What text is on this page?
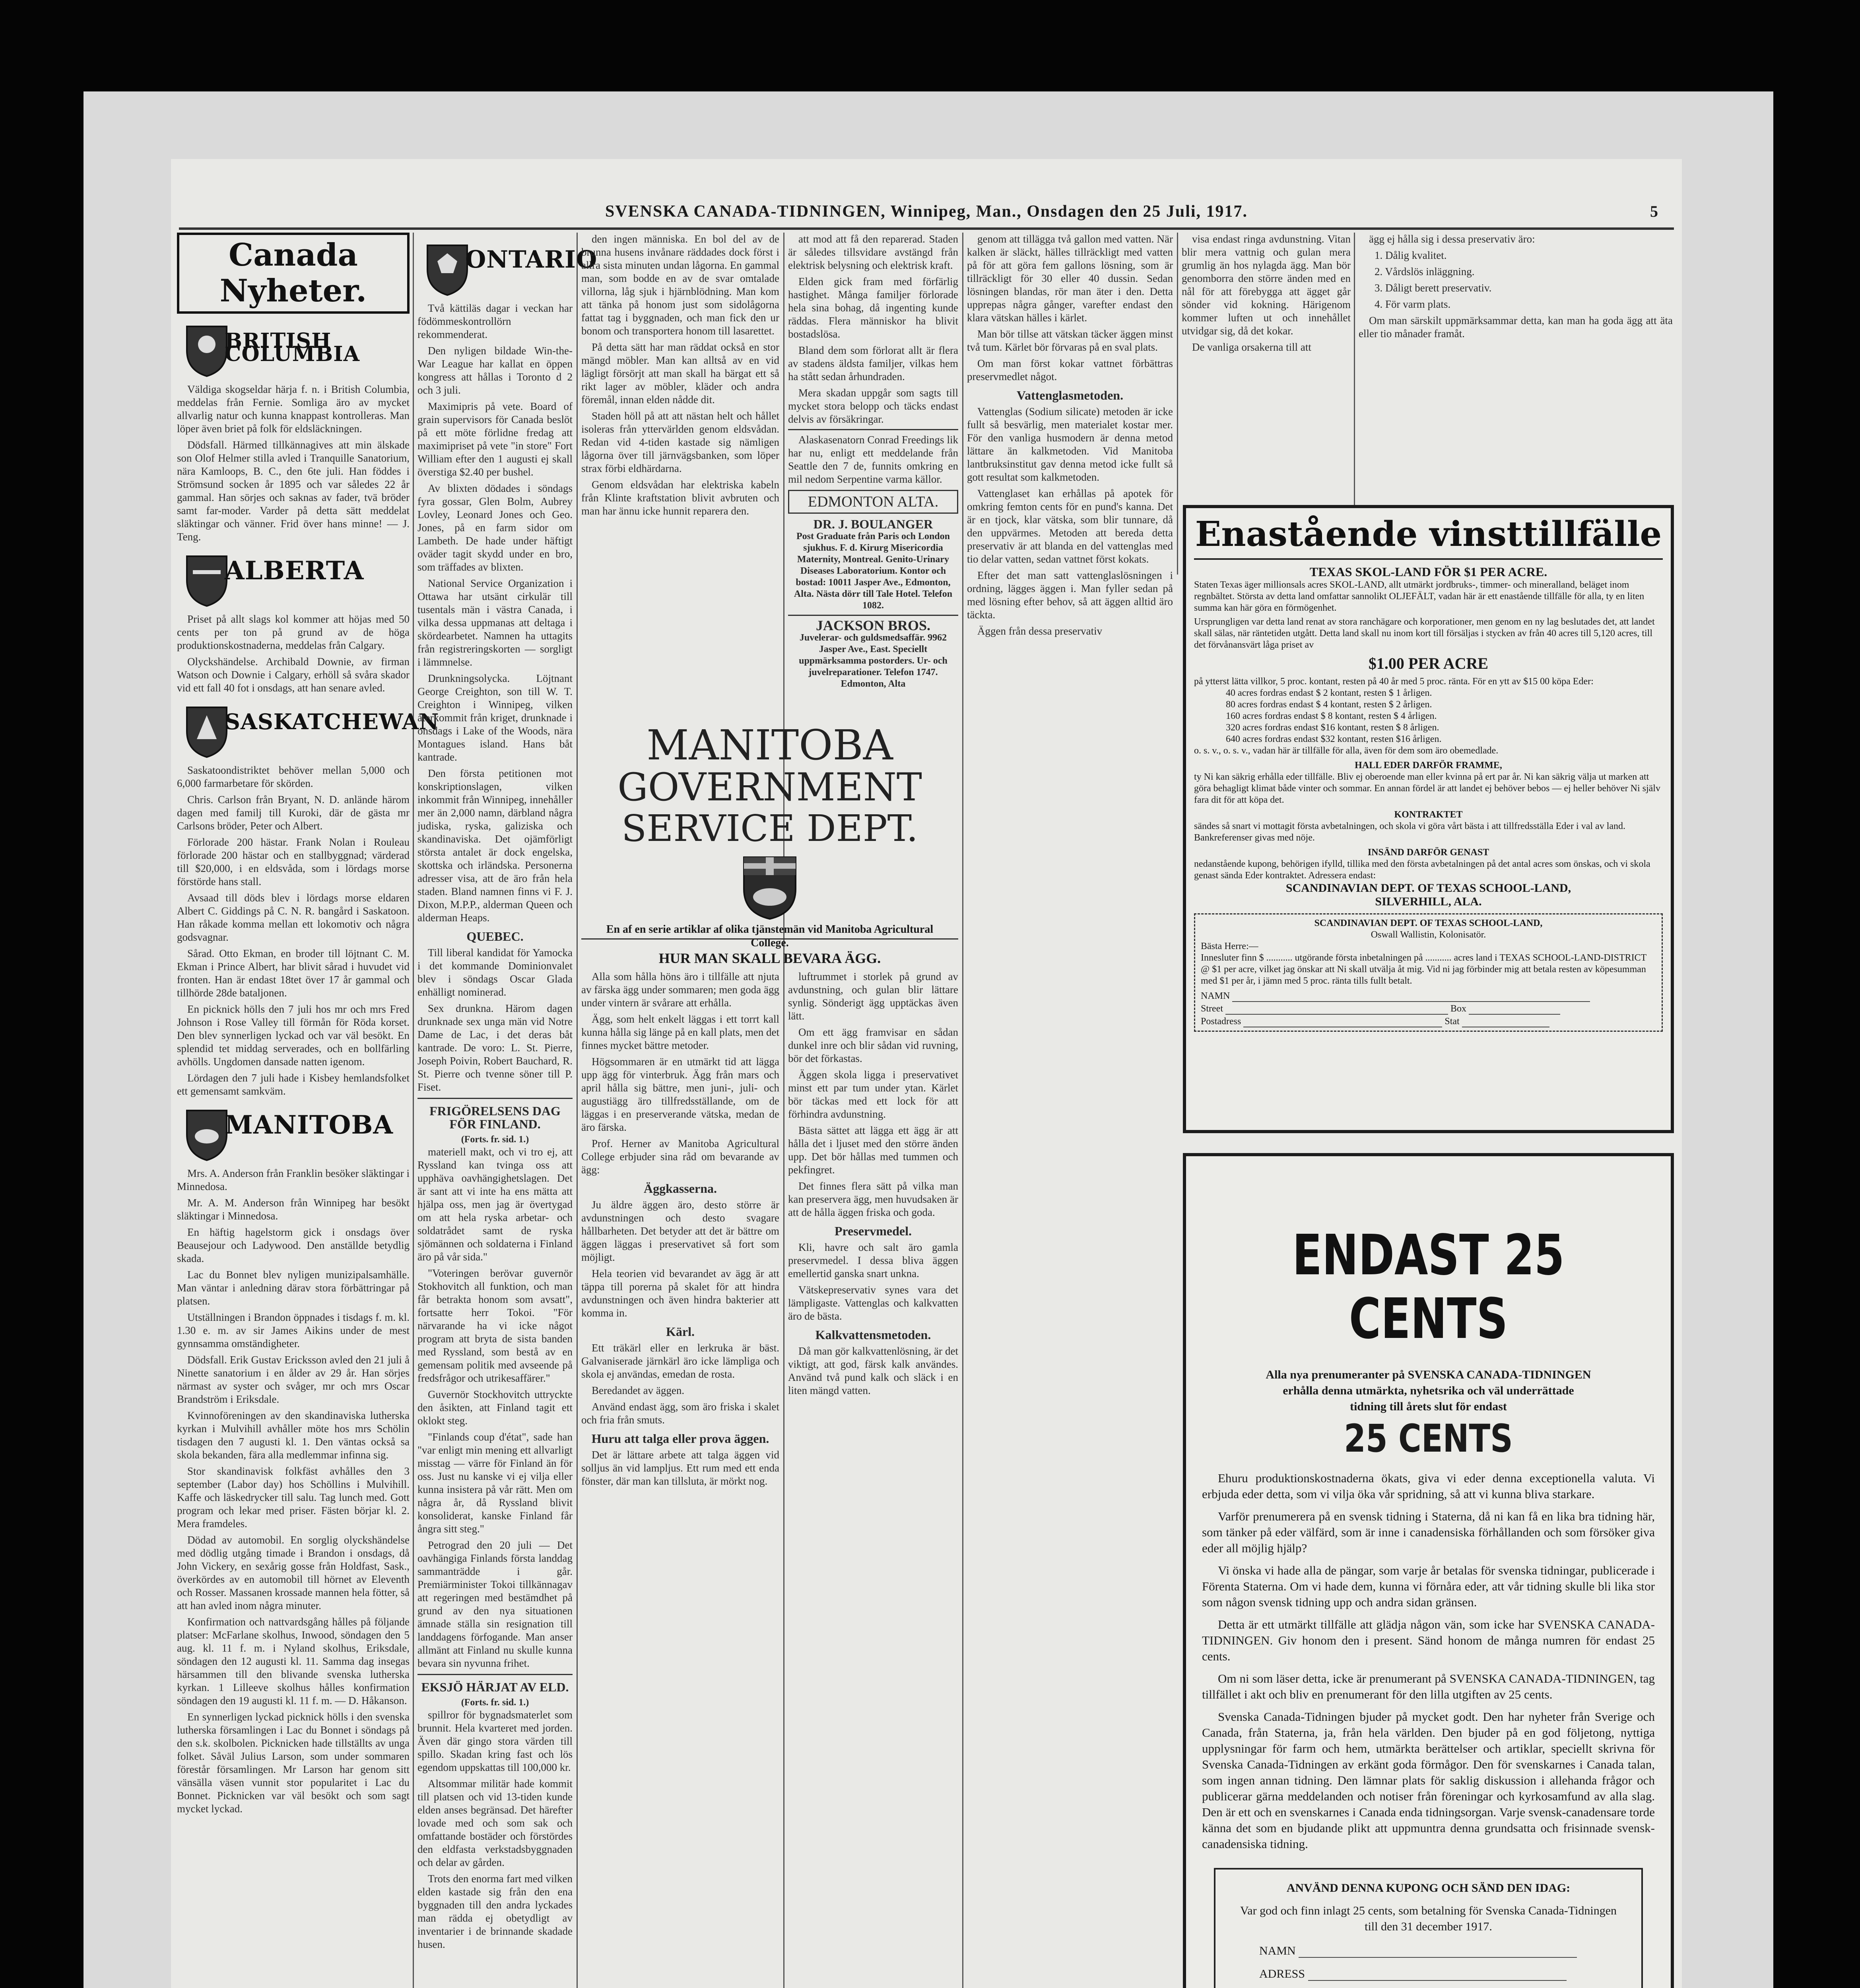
SVENSKA CANADA-TIDNINGEN, Winnipeg, Man., Onsdagen den 25 Juli, 1917.	5
Canada Nyheter.
BRITISH COLUMBIA

Väldiga skogseldar härja f. n. i British Columbia, meddelas från Fernie. Somliga äro av mycket allvarlig natur och kunna knappast kontrolleras. Man löper även briet på folk för eldsläckningen.

Dödsfall. Härmed tillkännagives att min älskade son Olof Helmer stilla avled i Tranquille Sanatorium, nära Kamloops, B. C., den 6te juli. Han föddes i Strömsund socken år 1895 och var således 22 år gammal. Han sörjes och saknas av fader, tvä bröder samt far-moder. Varder på detta sätt meddelat släktingar och vänner. Frid över hans minne! — J. Teng.

ALBERTA

Priset på allt slags kol kommer att höjas med 50 cents per ton på grund av de höga produktionskostnaderna, meddelas från Calgary.

Olyckshändelse. Archibald Downie, av firman Watson och Downie i Calgary, erhöll så svåra skador vid ett fall 40 fot i onsdags, att han senare avled.

SASKATCHEWAN

Saskatoondistriktet behöver mellan 5,000 och 6,000 farmarbetare för skörden.

Chris. Carlson från Bryant, N. D. anlände härom dagen med familj till Kuroki, där de gästa mr Carlsons bröder, Peter och Albert.

Förlorade 200 hästar. Frank Nolan i Rouleau förlorade 200 hästar och en stallbyggnad; värderad till $20,000, i en eldsvåda, som i lördags morse förstörde hans stall.

Avsaad till döds blev i lördags morse eldaren Albert C. Giddings på C. N. R. bangård i Saskatoon. Han råkade komma mellan ett lokomotiv och några godsvagnar.

Sårad. Otto Ekman, en broder till löjtnant C. M. Ekman i Prince Albert, har blivit sårad i huvudet vid fronten. Han är endast 18tet över 17 år gammal och tillhörde 28de bataljonen.

En picknick hölls den 7 juli hos mr och mrs Fred Johnson i Rose Valley till förmån för Röda korset. Den blev synnerligen lyckad och var väl besökt. En splendid tet middag serverades, och en bollfärling avhölls. Ungdomen dansade natten igenom.

Lördagen den 7 juli hade i Kisbey hemlandsfolket ett gemensamt samkväm.

MANITOBA

Mrs. A. Anderson från Franklin besöker släktingar i Minnedosa.

Mr. A. M. Anderson från Winnipeg har besökt släktingar i Minnedosa.

En häftig hagelstorm gick i onsdags över Beausejour och Ladywood. Den anställde betydlig skada.

Lac du Bonnet blev nyligen munizipalsamhälle. Man väntar i anledning därav stora förbättringar på platsen.

Utställningen i Brandon öppnades i tisdags f. m. kl. 1.30 e. m. av sir James Aikins under de mest gynnsamma omständigheter.

Dödsfall. Erik Gustav Ericksson avled den 21 juli å Ninette sanatorium i en ålder av 29 år. Han sörjes närmast av syster och svåger, mr och mrs Oscar Brandström i Eriksdale.

Kvinnoföreningen av den skandinaviska lutherska kyrkan i Mulvihill avhåller möte hos mrs Schölin tisdagen den 7 augusti kl. 1. Den väntas också sa skola bekanden, fära alla medlemmar infinna sig.

Stor skandinavisk folkfäst avhålles den 3 september (Labor day) hos Schöllins i Mulvihill. Kaffe och läskedrycker till salu. Tag lunch med. Gott program och lekar med priser. Fästen börjar kl. 2. Mera framdeles.

Dödad av automobil. En sorglig olyckshändelse med dödlig utgång timade i Brandon i onsdags, då John Vickery, en sexårig gosse från Holdfast, Sask., överkördes av en automobil till hörnet av Eleventh och Rosser. Massanen krossade mannen hela fötter, så att han avled inom några minuter.

Konfirmation och nattvardsgång hålles på följande platser: McFarlane skolhus, Inwood, söndagen den 5 aug. kl. 11 f. m. i Nyland skolhus, Eriksdale, söndagen den 12 augusti kl. 11. Samma dag insegas härsammen till den blivande svenska lutherska kyrkan. 1 Lilleeve skolhus hålles konfirmation söndagen den 19 augusti kl. 11 f. m. — D. Håkanson.

En synnerligen lyckad picknick hölls i den svenska lutherska församlingen i Lac du Bonnet i söndags på den s.k. skolbolen. Picknicken hade tillställts av unga folket. Såväl Julius Larson, som under sommaren förestår församlingen. Mr Larson har genom sitt vänsälla väsen vunnit stor popularitet i Lac du Bonnet. Picknicken var väl besökt och som sagt mycket lyckad.

ONTARIO

Två kättiläs dagar i veckan har födömmeskontrollörn rekommenderat.

Den nyligen bildade Win-the-War League har kallat en öppen kongress att hållas i Toronto d 2 och 3 juli.

Maximipris på vete. Board of grain supervisors för Canada beslöt på ett möte förlidne fredag att maximipriset på vete "in store" Fort William efter den 1 augusti ej skall överstiga $2.40 per bushel.

Av blixten dödades i söndags fyra gossar, Glen Bolm, Aubrey Lovley, Leonard Jones och Geo. Jones, på en farm sidor om Lambeth. De hade under häftigt oväder tagit skydd under en bro, som träffades av blixten.

National Service Organization i Ottawa har utsänt cirkulär till tusentals män i västra Canada, i vilka dessa uppmanas att deltaga i skördearbetet. Namnen ha uttagits från registreringskorten — sorgligt i lämmnelse.

Drunkningsolycka. Löjtnant George Creighton, son till W. T. Creighton i Winnipeg, vilken återkommit från kriget, drunknade i onsdags i Lake of the Woods, nära Montagues island. Hans båt kantrade.

Den första petitionen mot konskriptionslagen, vilken inkommit från Winnipeg, innehåller mer än 2,000 namn, därbland några judiska, ryska, galiziska och skandinaviska. Det ojämförligt största antalet är dock engelska, skottska och irländska. Personerna adresser visa, att de äro från hela staden. Bland namnen finns vi F. J. Dixon, M.P.P., alderman Queen och alderman Heaps.

QUEBEC.

Till liberal kandidat för Yamocka i det kommande Dominionvalet blev i söndags Oscar Glada enhälligt nominerad.

Sex drunkna. Härom dagen drunknade sex unga män vid Notre Dame de Lac, i det deras båt kantrade. De voro: L. St. Pierre, Joseph Poivin, Robert Bauchard, R. St. Pierre och tvenne söner till P. Fiset.

FRIGÖRELSENS DAG FÖR FINLAND.
(Forts. fr. sid. 1.)

materiell makt, och vi tro ej, att Ryssland kan tvinga oss att upphäva oavhängighetslagen. Det är sant att vi inte ha ens mätta att hjälpa oss, men jag är övertygad om att hela ryska arbetar- och soldatrådet samt de ryska sjömännen och soldaterna i Finland äro på vår sida."

"Voteringen berövar guvernör Stokhovitch all funktion, och man får betrakta honom som avsatt", fortsatte herr Tokoi. "För närvarande ha vi icke något program att bryta de sista banden med Ryssland, som bestå av en gemensam politik med avseende på fredsfrågor och utrikesaffärer."

Guvernör Stockhovitch uttryckte den åsikten, att Finland tagit ett oklokt steg.

"Finlands coup d'état", sade han "var enligt min mening ett allvarligt misstag — värre för Finland än för oss. Just nu kanske vi ej vilja eller kunna insistera på vår rätt. Men om några år, då Ryssland blivit konsoliderat, kanske Finland får ångra sitt steg."

Petrograd den 20 juli — Det oavhängiga Finlands första landdag sammanträdde i går. Premiärminister Tokoi tillkännagav att regeringen med bestämdhet på grund av den nya situationen ämnade ställa sin resignation till landdagens förfogande. Man anser allmänt att Finland nu skulle kunna bevara sin nyvunna frihet.

EKSJÖ HÄRJAT AV ELD.
(Forts. fr. sid. 1.)

spillror för bygnadsmaterlet som brunnit. Hela kvarteret med jorden. Även där gingo stora värden till spillo. Skadan kring fast och lös egendom uppskattas till 100,000 kr.

Altsommar militär hade kommit till platsen och vid 13-tiden kunde elden anses begränsad. Det härefter lovade med och som sak och omfattande bostäder och förstördes den eldfasta verkstadsbyggnaden och delar av gården.

Trots den enorma fart med vilken elden kastade sig från den ena byggnaden till den andra lyckades man rädda ej obetydligt av inventarier i de brinnande skadade husen.

den ingen människa. En bol del av de brunna husens invånare räddades dock först i allra sista minuten undan lågorna. En gammal man, som bodde en av de svar omtalade villorna, låg sjuk i hjärnblödning. Man kom att tänka på honom just som sidolågorna fattat tag i byggnaden, och man fick den ur bonom och transportera honom till lasarettet.

På detta sätt har man räddat också en stor mängd möbler. Man kan alltså av en vid lägligt försörjt att man skall ha bärgat ett så rikt lager av möbler, kläder och andra föremål, innan elden nådde dit.

Staden höll på att att nästan helt och hållet isoleras från yttervärlden genom eldsvådan. Redan vid 4-tiden kastade sig nämligen lågorna över till järnvägsbanken, som löper strax förbi eldhärdarna.

Genom eldsvådan har elektriska kabeln från Klinte kraftstation blivit avbruten och man har ännu icke hunnit reparera den.

att mod att få den reparerad. Staden är således tillsvidare avstängd från elektrisk belysning och elektrisk kraft.

Elden gick fram med förfärlig hastighet. Många familjer förlorade hela sina bohag, då ingenting kunde räddas. Flera människor ha blivit bostadslösa.

Bland dem som förlorat allt är flera av stadens äldsta familjer, vilkas hem ha stått sedan århundraden.

Mera skadan uppgår som sagts till mycket stora belopp och täcks endast delvis av försäkringar.

Alaskasenatorn Conrad Freedings lik har nu, enligt ett meddelande från Seattle den 7 de, funnits omkring en mil nedom Serpentine varma källor.

EDMONTON ALTA.
DR. J. BOULANGER
Post Graduate från Paris och London sjukhus. F. d. Kirurg Misericordia Maternity, Montreal. Genito-Urinary Diseases Laboratorium. Kontor och bostad: 10011 Jasper Ave., Edmonton, Alta. Nästa dörr till Tale Hotel. Telefon 1082.
JACKSON BROS.
Juvelerar- och guldsmedsaffär. 9962 Jasper Ave., East. Speciellt uppmärksamma postorders. Ur- och juvelreparationer. Telefon 1747. Edmonton, Alta
MANITOBA
GOVERNMENT
SERVICE DEPT.
En af en serie artiklar af olika tjänstemän vid Manitoba Agricultural College.
HUR MAN SKALL BEVARA ÄGG.

Alla som hålla höns äro i tillfälle att njuta av färska ägg under sommaren; men goda ägg under vintern är svårare att erhålla.

Ägg, som helt enkelt läggas i ett torrt kall kunna hålla sig länge på en kall plats, men det finnes mycket bättre metoder.

Högsommaren är en utmärkt tid att lägga upp ägg för vinterbruk. Ägg från mars och april hålla sig bättre, men juni-, juli- och augustiägg äro tillfredsställande, om de läggas i en preserverande vätska, medan de äro färska.

Prof. Herner av Manitoba Agricultural College erbjuder sina råd om bevarande av ägg:

Äggkasserna.

Ju äldre äggen äro, desto större är avdunstningen och desto svagare hållbarheten. Det betyder att det är bättre om äggen läggas i preservativet så fort som möjligt.

Hela teorien vid bevarandet av ägg är att täppa till porerna på skalet för att hindra avdunstningen och även hindra bakterier att komma in.

Kärl.

Ett träkärl eller en lerkruka är bäst. Galvaniserade järnkärl äro icke lämpliga och skola ej användas, emedan de rosta.

Beredandet av äggen.

Använd endast ägg, som äro friska i skalet och fria från smuts.

Huru att talga eller prova äggen.

Det är lättare arbete att talga äggen vid solljus än vid lampljus. Ett rum med ett enda fönster, där man kan tillsluta, är mörkt nog.

luftrummet i storlek på grund av avdunstning, och gulan blir lättare synlig. Sönderigt ägg upptäckas även lätt.

Om ett ägg framvisar en sådan dunkel inre och blir sådan vid ruvning, bör det förkastas.

Äggen skola ligga i preservativet minst ett par tum under ytan. Kärlet bör täckas med ett lock för att förhindra avdunstning.

Bästa sättet att lägga ett ägg är att hålla det i ljuset med den större änden upp. Det bör hållas med tummen och pekfingret.

Det finnes flera sätt på vilka man kan preservera ägg, men huvudsaken är att de hålla äggen friska och goda.

Preservmedel.

Kli, havre och salt äro gamla preservmedel. I dessa bliva äggen emellertid ganska snart unkna.

Vätskepreservativ synes vara det lämpligaste. Vattenglas och kalkvatten äro de bästa.

Kalkvattensmetoden.

Då man gör kalkvattenlösning, är det viktigt, att god, färsk kalk användes. Använd två pund kalk och släck i en liten mängd vatten.

genom att tillägga två gallon med vatten. När kalken är släckt, hälles tillräckligt med vatten på för att göra fem gallons lösning, som är tillräckligt för 30 eller 40 dussin. Sedan lösningen blandas, rör man äter i den. Detta upprepas några gånger, varefter endast den klara vätskan hälles i kärlet.

Man bör tillse att vätskan täcker äggen minst två tum. Kärlet bör förvaras på en sval plats.

Om man först kokar vattnet förbättras preservmedlet något.

Vattenglasmetoden.

Vattenglas (Sodium silicate) metoden är icke fullt så besvärlig, men materialet kostar mer. För den vanliga husmodern är denna metod lättare än kalkmetoden. Vid Manitoba lantbruksinstitut gav denna metod icke fullt så gott resultat som kalkmetoden.

Vattenglaset kan erhållas på apotek för omkring femton cents för en pund's kanna. Det är en tjock, klar vätska, som blir tunnare, då den uppvärmes. Metoden att bereda detta preservativ är att blanda en del vattenglas med tio delar vatten, sedan vattnet först kokats.

Efter det man satt vattenglaslösningen i ordning, lägges äggen i. Man fyller sedan på med lösning efter behov, så att äggen alltid äro täckta.

Äggen från dessa preservativ

visa endast ringa avdunstning. Vitan blir mera vattnig och gulan mera grumlig än hos nylagda ägg. Man bör genomborra den större änden med en nål för att förebygga att ägget går sönder vid kokning. Härigenom kommer luften ut och innehållet utvidgar sig, då det kokar.

De vanliga orsakerna till att

ägg ej hålla sig i dessa preservativ äro:

1. Dålig kvalitet.

2. Vårdslös inläggning.

3. Dåligt berett preservativ.

4. För varm plats.

Om man särskilt uppmärksammar detta, kan man ha goda ägg att äta eller tio månader framåt.

Enastående vinsttillfälle
TEXAS SKOL-LAND FÖR $1 PER ACRE.
Staten Texas äger millionsals acres SKOL-LAND, allt utmärkt jordbruks-, timmer- och mineralland, beläget inom regnbältet. Största av detta land omfattar sannolikt OLJEFÄLT, vadan här är ett enastående tillfälle för alla, ty en liten summa kan här göra en förmögenhet.
Ursprungligen var detta land renat av stora ranchägare och korporationer, men genom en ny lag beslutades det, att landet skall sälas, när räntetiden utgått. Detta land skall nu inom kort till försäljas i stycken av från 40 acres till 5,120 acres, till det förvånansvärt låga priset av
$1.00 PER ACRE
på ytterst lätta villkor, 5 proc. kontant, resten på 40 år med 5 proc. ränta. För en ytt av $15 00 köpa Eder:
40 acres fordras endast $ 2 kontant, resten $ 1 årligen.
80 acres fordras endast $ 4 kontant, resten $ 2 årligen.
160 acres fordras endast $ 8 kontant, resten $ 4 årligen.
320 acres fordras endast $16 kontant, resten $ 8 årligen.
640 acres fordras endast $32 kontant, resten $16 årligen.
o. s. v., o. s. v., vadan här är tillfälle för alla, även för dem som äro obemedlade.
HALL EDER DARFÖR FRAMME,
ty Ni kan säkrig erhålla eder tillfälle. Bliv ej oberoende man eller kvinna på ert par år. Ni kan säkrig välja ut marken att göra behagligt klimat både vinter och sommar. En annan fördel är att landet ej behöver bebos — ej heller behöver Ni själv fara dit för att köpa det.
KONTRAKTET
sändes så snart vi mottagit första avbetalningen, och skola vi göra vårt bästa i att tillfredsställa Eder i val av land. Bankreferenser givas med nöje.
INSÄND DARFÖR GENAST
nedanstående kupong, behörigen ifylld, tillika med den första avbetalningen på det antal acres som önskas, och vi skola genast sända Eder kontraktet. Adressera endast:
SCANDINAVIAN DEPT. OF TEXAS SCHOOL-LAND,
SILVERHILL, ALA.
SCANDINAVIAN DEPT. OF TEXAS SCHOOL-LAND,
Oswall Wallistin, Kolonisatör.
Bästa Herre:—
Innesluter finn $ ........... utgörande första inbetalningen på ........... acres land i TEXAS SCHOOL-LAND-DISTRICT @ $1 per acre, vilket jag önskar att Ni skall utvälja åt mig. Vid ni jag förbinder mig att betala resten av köpesumman med $1 per år, i jämn med 5 proc. ränta tills fullt betalt.
NAMN
Street	Box
Postadress	Stat
ENDAST 25 CENTS
Alla nya prenumeranter på SVENSKA CANADA-TIDNINGEN
erhålla denna utmärkta, nyhetsrika och väl underrättade
tidning till årets slut för endast
25 CENTS

Ehuru produktionskostnaderna ökats, giva vi eder denna exceptionella valuta. Vi erbjuda eder detta, som vi vilja öka vår spridning, så att vi kunna bliva starkare.

Varför prenumerera på en svensk tidning i Staterna, då ni kan få en lika bra tidning här, som tänker på eder välfärd, som är inne i canadensiska förhållanden och som försöker giva eder all möjlig hjälp?

Vi önska vi hade alla de pängar, som varje år betalas för svenska tidningar, publicerade i Förenta Staterna. Om vi hade dem, kunna vi förnåra eder, att vår tidning skulle bli lika stor som någon svensk tidning upp och andra sidan gränsen.

Detta är ett utmärkt tillfälle att glädja någon vän, som icke har SVENSKA CANADA-TIDNINGEN. Giv honom den i present. Sänd honom de många numren för endast 25 cents.

Om ni som läser detta, icke är prenumerant på SVENSKA CANADA-TIDNINGEN, tag tillfället i akt och bliv en prenumerant för den lilla utgiften av 25 cents.

Svenska Canada-Tidningen bjuder på mycket godt. Den har nyheter från Sverige och Canada, från Staterna, ja, från hela världen. Den bjuder på en god följetong, nyttiga upplysningar för farm och hem, utmärkta berättelser och artiklar, speciellt skrivna för Svenska Canada-Tidningen av erkänt goda förmågor. Den för svenskarnes i Canada talan, som ingen annan tidning. Den lämnar plats för saklig diskussion i allehanda frågor och publicerar gärna meddelanden och notiser från föreningar och kyrkosamfund av alla slag. Den är ett och en svenskarnes i Canada enda tidningsorgan. Varje svensk-canadensare torde känna det som en bjudande plikt att uppmuntra denna grundsatta och frisinnade svensk-canadensiska tidning.

ANVÄND DENNA KUPONG OCH SÄND DEN IDAG:
Var god och finn inlagt 25 cents, som betalning för Svenska Canada-Tidningen till den 31 december 1917.
NAMN
ADRESS
